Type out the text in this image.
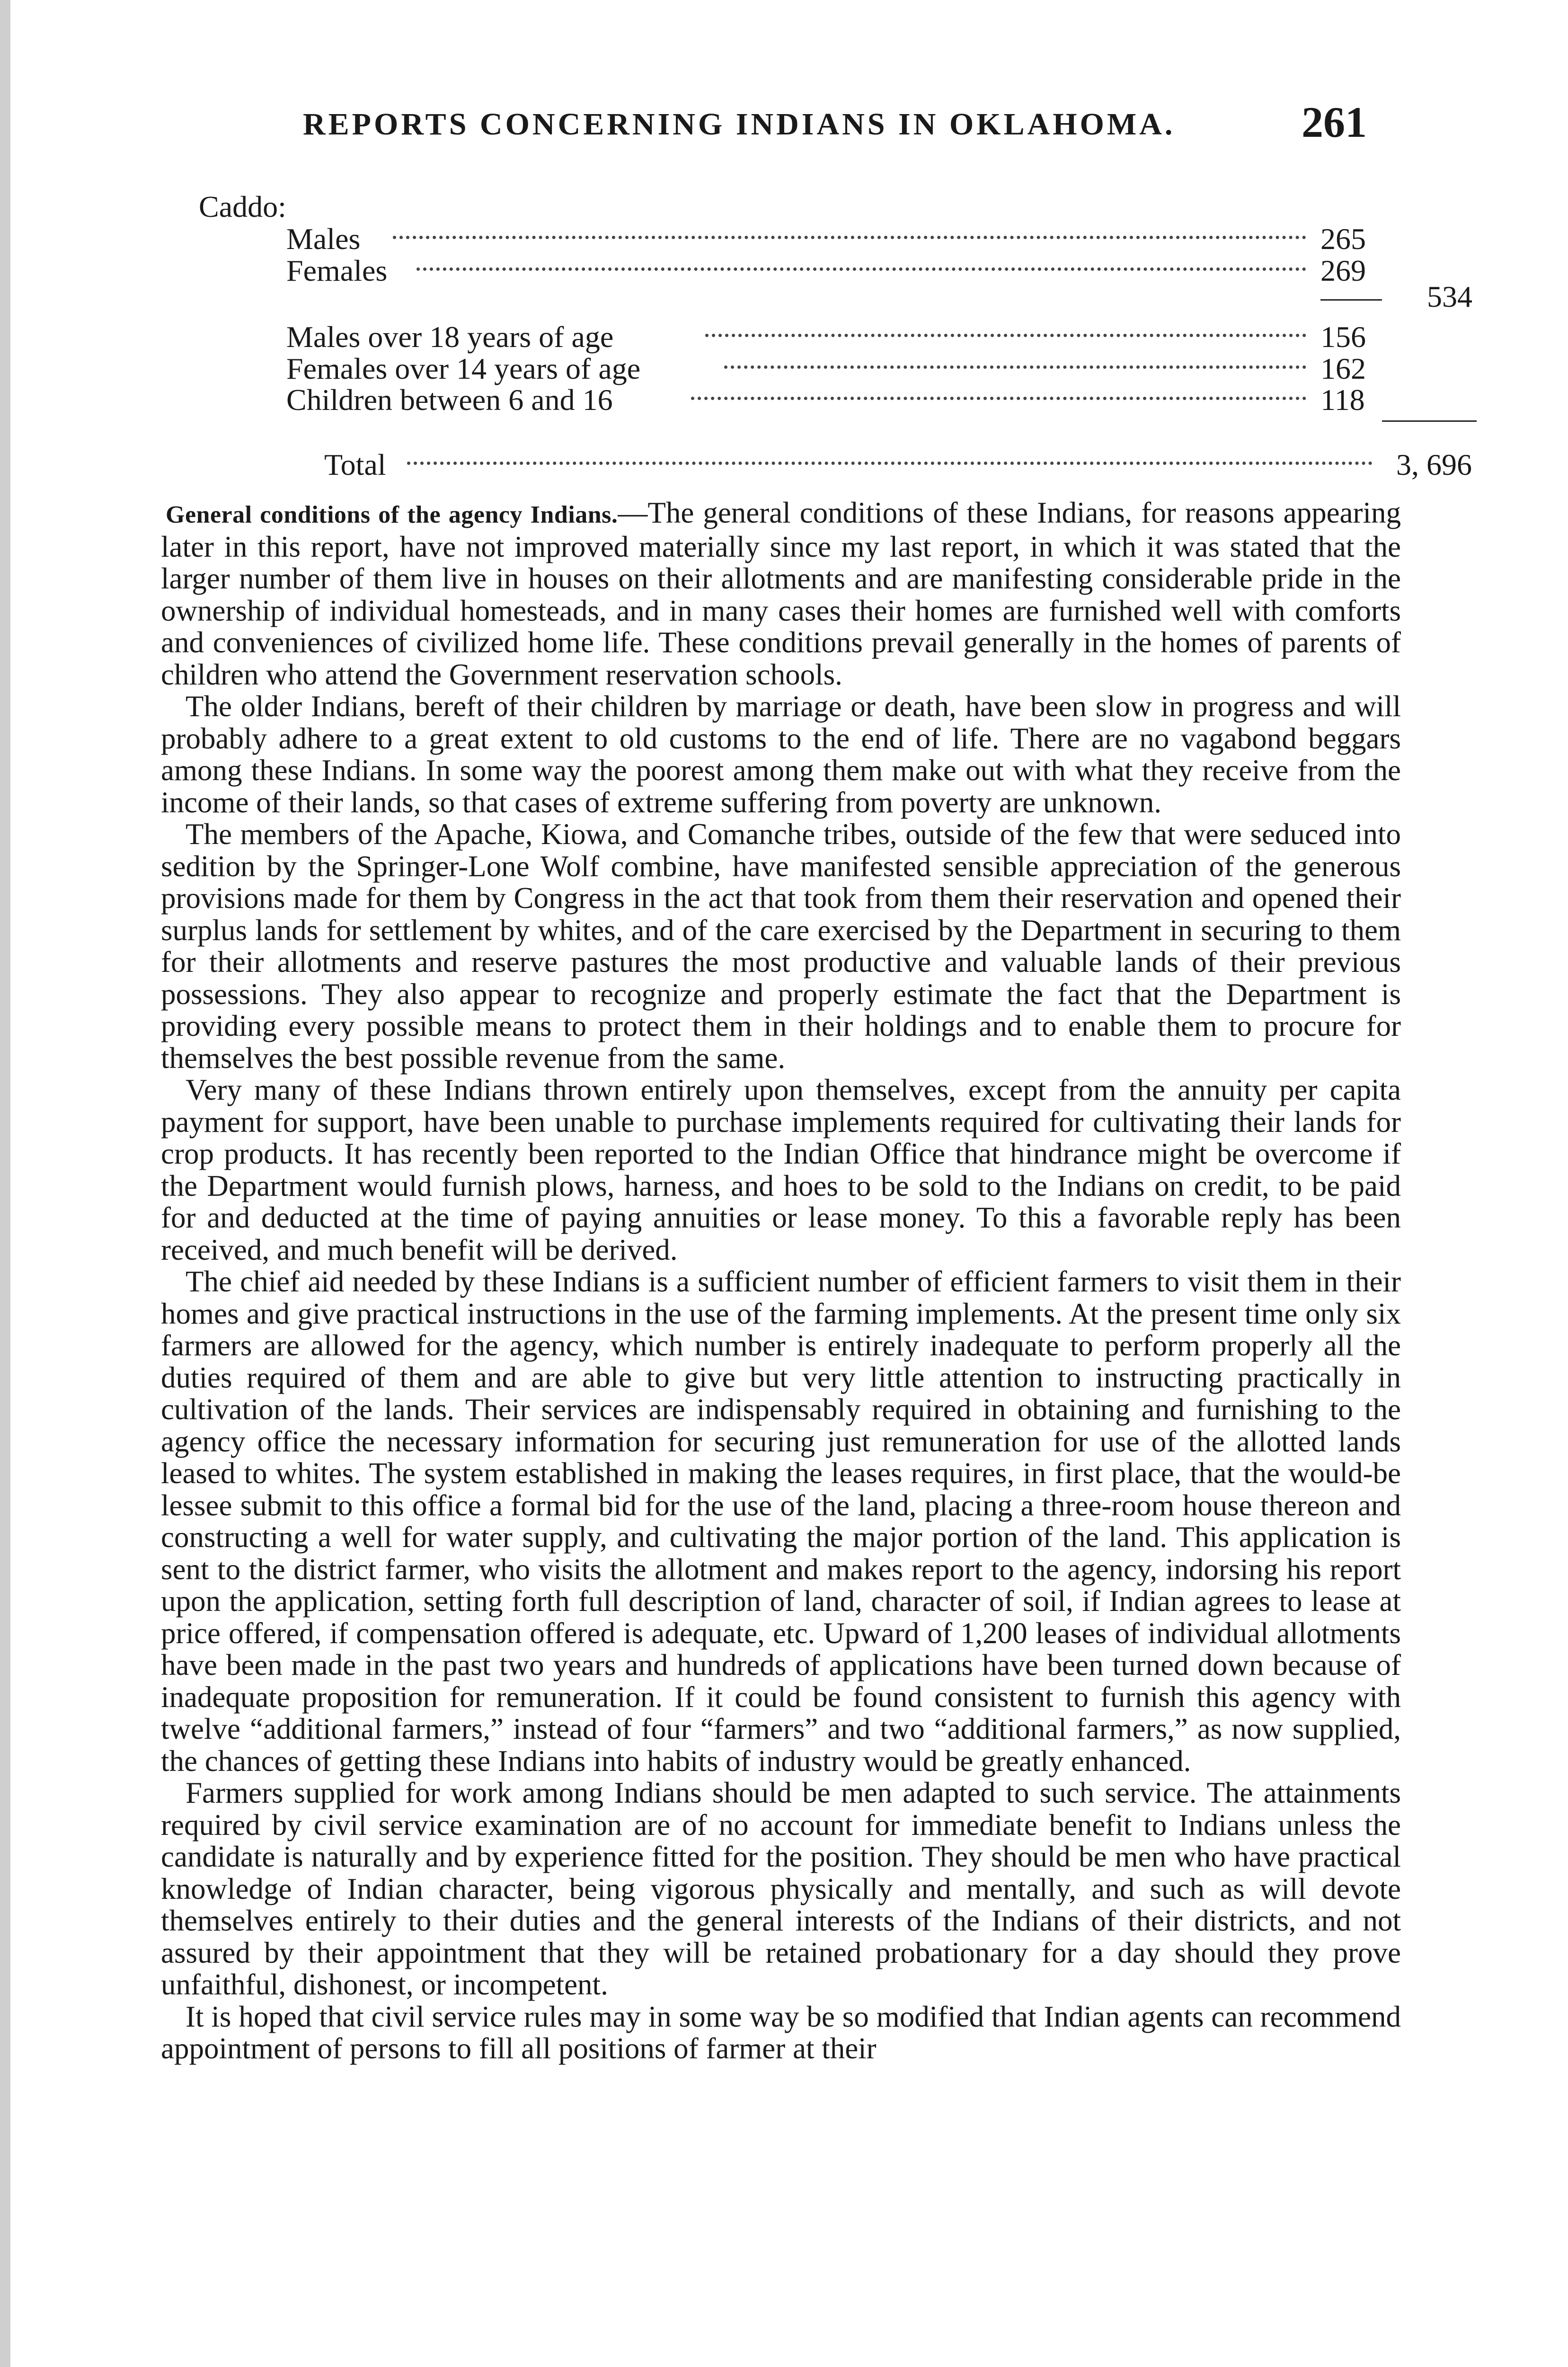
REPORTS CONCERNING INDIANS IN OKLAHOMA.	261
Caddo:
Males	265
Females	269
534
Males over 18 years of age	156
Females over 14 years of age	162
Children between 6 and 16	118
Total	3, 696

General conditions of the agency Indians.—The general conditions of these Indians, for reasons appearing later in this report, have not improved materially since my last report, in which it was stated that the larger number of them live in houses on their allotments and are manifesting considerable pride in the ownership of individual homesteads, and in many cases their homes are furnished well with comforts and conveniences of civilized home life. These conditions prevail generally in the homes of parents of children who attend the Government reservation schools.

The older Indians, bereft of their children by marriage or death, have been slow in progress and will probably adhere to a great extent to old customs to the end of life. There are no vagabond beggars among these Indians. In some way the poorest among them make out with what they receive from the income of their lands, so that cases of extreme suffering from poverty are unknown.

The members of the Apache, Kiowa, and Comanche tribes, outside of the few that were seduced into sedition by the Springer-Lone Wolf combine, have manifested sensible appreciation of the generous provisions made for them by Congress in the act that took from them their reservation and opened their surplus lands for settlement by whites, and of the care exercised by the Department in securing to them for their allotments and reserve pastures the most productive and valuable lands of their previous possessions. They also appear to recognize and properly estimate the fact that the Department is providing every possible means to protect them in their holdings and to enable them to procure for themselves the best possible revenue from the same.

Very many of these Indians thrown entirely upon themselves, except from the annuity per capita payment for support, have been unable to purchase implements required for cultivating their lands for crop products. It has recently been reported to the Indian Office that hindrance might be overcome if the Department would furnish plows, harness, and hoes to be sold to the Indians on credit, to be paid for and deducted at the time of paying annuities or lease money. To this a favorable reply has been received, and much benefit will be derived.

The chief aid needed by these Indians is a sufficient number of efficient farmers to visit them in their homes and give practical instructions in the use of the farming implements. At the present time only six farmers are allowed for the agency, which number is entirely inadequate to perform properly all the duties required of them and are able to give but very little attention to instructing practically in cultivation of the lands. Their services are indispensably required in obtaining and furnishing to the agency office the necessary information for securing just remuneration for use of the allotted lands leased to whites. The system established in making the leases requires, in first place, that the would-be lessee submit to this office a formal bid for the use of the land, placing a three-room house thereon and constructing a well for water supply, and cultivating the major portion of the land. This application is sent to the district farmer, who visits the allotment and makes report to the agency, indorsing his report upon the application, setting forth full description of land, character of soil, if Indian agrees to lease at price offered, if compensation offered is adequate, etc. Upward of 1,200 leases of individual allotments have been made in the past two years and hundreds of applications have been turned down because of inadequate proposition for remuneration. If it could be found consistent to furnish this agency with twelve “additional farmers,” instead of four “farmers” and two “additional farmers,” as now supplied, the chances of getting these Indians into habits of industry would be greatly enhanced.

Farmers supplied for work among Indians should be men adapted to such service. The attainments required by civil service examination are of no account for immediate benefit to Indians unless the candidate is naturally and by experience fitted for the position. They should be men who have practical knowledge of Indian character, being vigorous physically and mentally, and such as will devote themselves entirely to their duties and the general interests of the Indians of their districts, and not assured by their appointment that they will be retained probationary for a day should they prove unfaithful, dishonest, or incompetent.

It is hoped that civil service rules may in some way be so modified that Indian agents can recommend appointment of persons to fill all positions of farmer at their
